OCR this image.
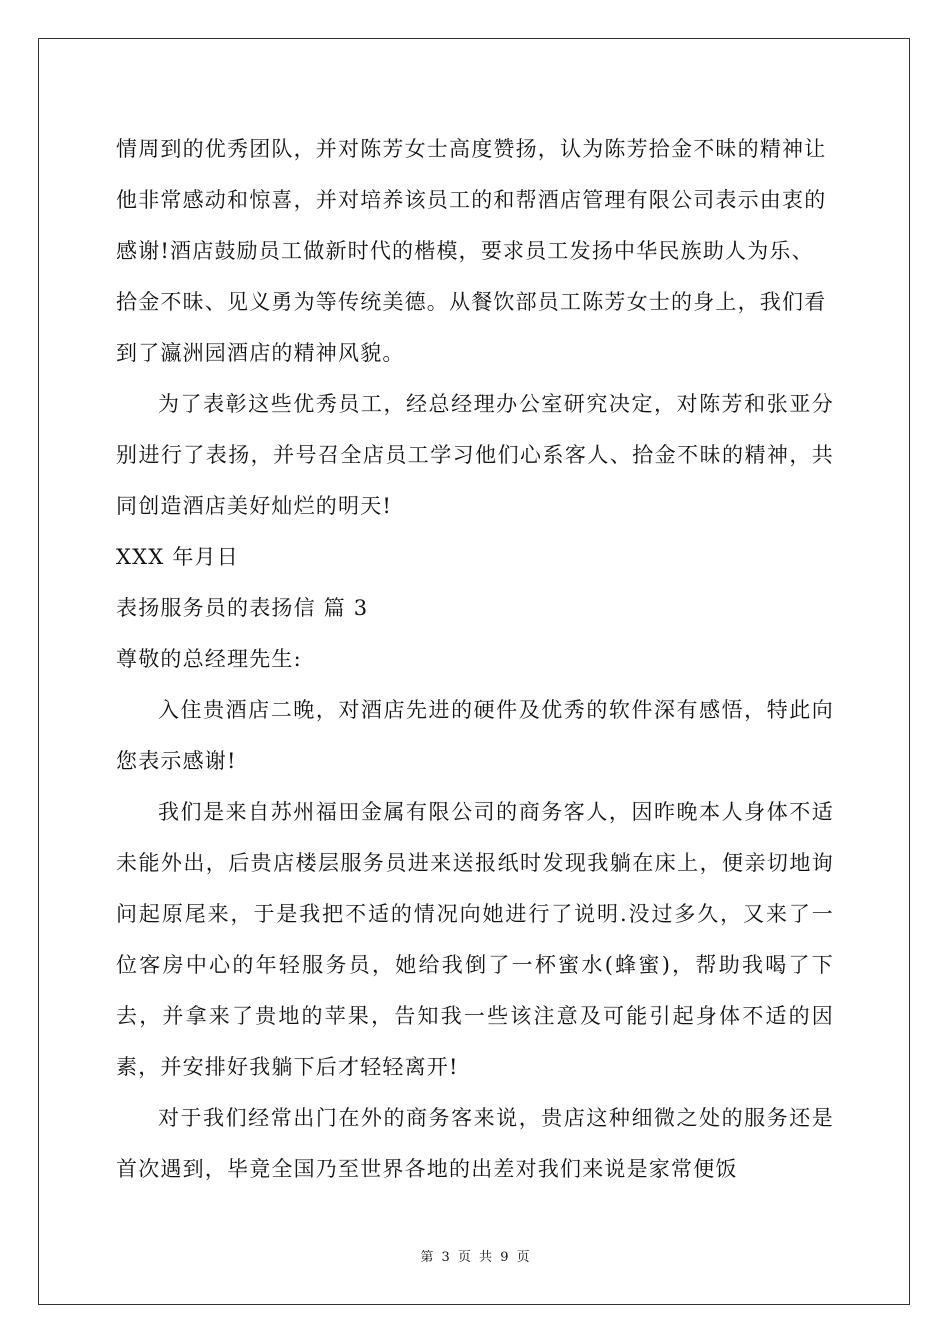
情周到的优秀团队，并对陈芳女士高度赞扬，认为陈芳拾金不昧的精神让他非常感动和惊喜，并对培养该员工的和帮酒店管理有限公司表示由衷的感谢!酒店鼓励员工做新时代的楷模，要求员工发扬中华民族助人为乐、拾金不昧、见义勇为等传统美德。从餐饮部员工陈芳女士的身上，我们看到了瀛洲园酒店的精神风貌。

为了表彰这些优秀员工，经总经理办公室研究决定，对陈芳和张亚分别进行了表扬，并号召全店员工学习他们心系客人、拾金不昧的精神，共同创造酒店美好灿烂的明天!

XXX 年月日

表扬服务员的表扬信 篇 3

尊敬的总经理先生:

入住贵酒店二晚，对酒店先进的硬件及优秀的软件深有感悟，特此向您表示感谢!

我们是来自苏州福田金属有限公司的商务客人，因昨晚本人身体不适未能外出，后贵店楼层服务员进来送报纸时发现我躺在床上，便亲切地询问起原尾来，于是我把不适的情况向她进行了说明.没过多久，又来了一位客房中心的年轻服务员，她给我倒了一杯蜜水(蜂蜜)，帮助我喝了下去，并拿来了贵地的苹果，告知我一些该注意及可能引起身体不适的因素，并安排好我躺下后才轻轻离开!

对于我们经常出门在外的商务客来说，贵店这种细微之处的服务还是首次遇到，毕竟全国乃至世界各地的出差对我们来说是家常便饭

第 3 页 共 9 页
